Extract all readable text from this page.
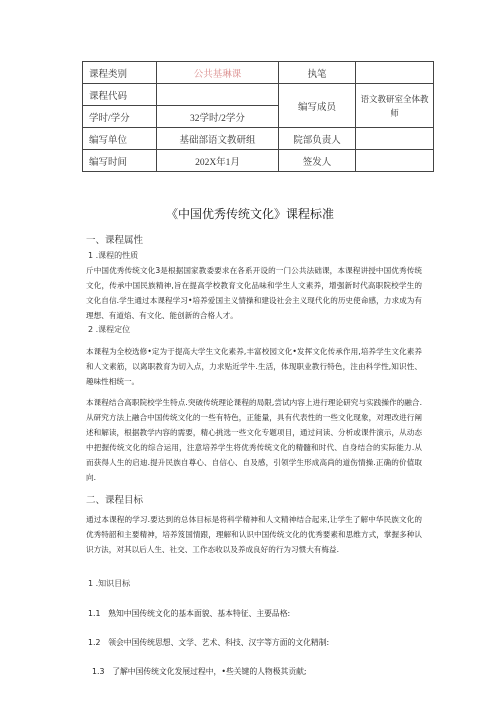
课程类别	公共基琳课	执笔	
课程代码		编写成员	语文教研室全体教师
学时/学分	32学时/2学分		
编写单位	基础部语文教研组	院部负责人	
编写时间	202X年1月	签发人	
《中国优秀传统文化》课程标准
一、课程属性
1 .课程的性质

斤中国优秀传统文化3是根据国家教委要求在各系开设的一门公共法础课，本课程讲授中国优秀传统文化，传承中国民族精神,旨在提高学校教育文化品味和学生人文素养，增强新时代高职院校学生的文化自信.学生通过本课程学习•培养爱国主义情操和建设社会主义现代化的历史使命感，力求成为有理想、有道焰、有文化、能创新的合格人才。

2 .课程定位

本课程为全校选修•定为于提高大学生文化素养,丰富校园文化•发挥文化传承作用,培养学生文化素养和人文素筋，以离职教育为切入点，力求贴近学牛.生活，体现职业教行特色，注由科学性,知识性、趣味性相统一。

本课程结合高职院校学生特点.突破传统理论课程的局限,尝试内容上进行理论研究与实践操作的融合.从研究方法上融合中国传统文化的一些有特色，正能量，具有代表性的一些文化现象，对理改进行阐述和解读，根据教学内容的需要，精心挑选一些文化专题项目，通过问读、分析或课件演示，从动态中把握传统文化的综合运用，注意培养学生将优秀传统文化的精髓和时代、自身结合的实际能力.从而获得人生的启迪.提升民族自尊心、自信心、自及感，引领学生形成高尚的道伤情操.正确的价值取向.

二、课程目标

通过本课程的学习.要达到的总体目标是将科学精神和人文精神结合起来,让学生了解中华民族文化的优秀特韶和主要精神，培养笈国情跟，理解和认识中国传统文化的优秀要素和思维方式，掌握多种认识方法，对其以后人生、社交、工作态收以及养成良好的行为习惯大有梅益.

1 .知识目标
1.1　熟知中国传统文化的基本面貌、基本特征、主要品格:
1.2　领会中国传统思想、文学、艺术、科技、汉字等方面的文化精制:
1.3　了解中国传统文化发展过程中，•些关键的人物极其贡献;
